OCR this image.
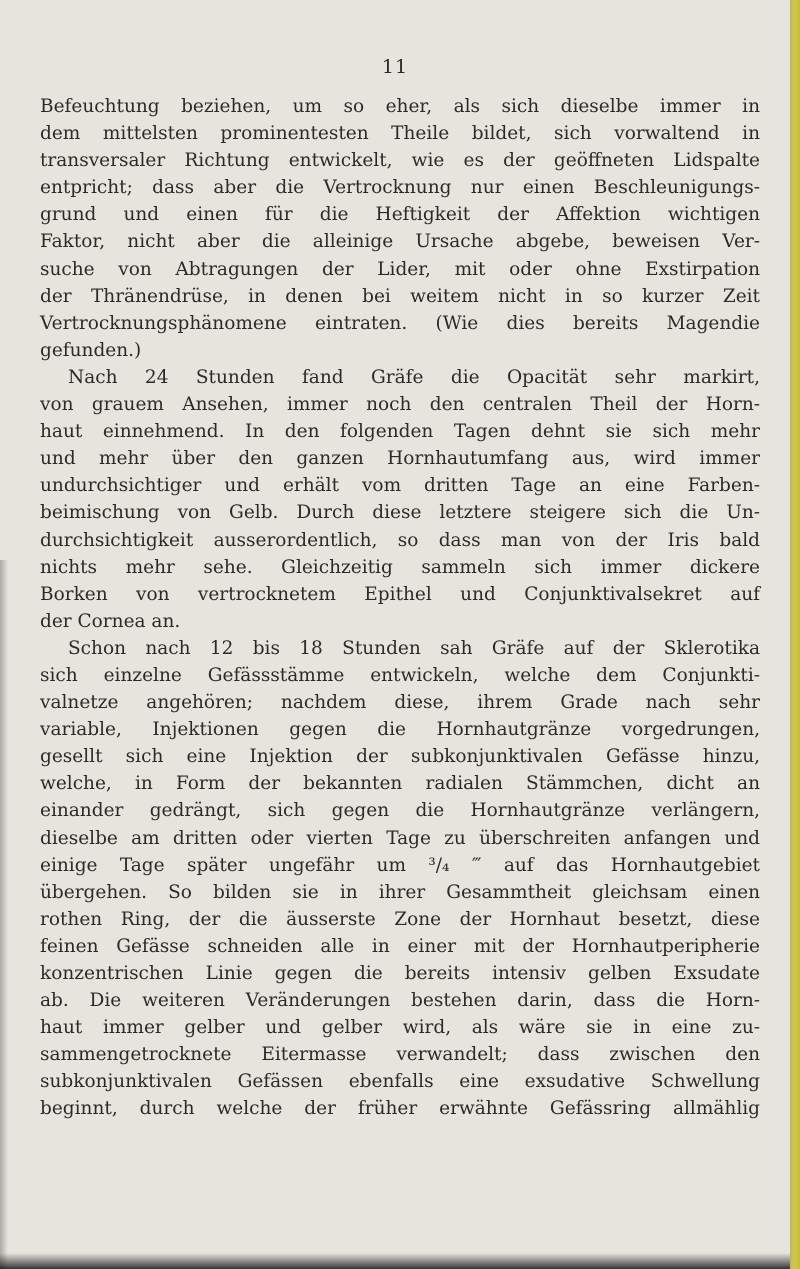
11
Befeuchtung beziehen, um so eher, als sich dieselbe immer in
dem mittelsten prominentesten Theile bildet, sich vorwaltend in
transversaler Richtung entwickelt, wie es der geöffneten Lidspalte
entpricht; dass aber die Vertrocknung nur einen Beschleunigungs-
grund und einen für die Heftigkeit der Affektion wichtigen
Faktor, nicht aber die alleinige Ursache abgebe, beweisen Ver-
suche von Abtragungen der Lider, mit oder ohne Exstirpation
der Thränendrüse, in denen bei weitem nicht in so kurzer Zeit
Vertrocknungsphänomene eintraten. (Wie dies bereits Magendie
gefunden.)
Nach 24 Stunden fand Gräfe die Opacität sehr markirt,
von grauem Ansehen, immer noch den centralen Theil der Horn-
haut einnehmend. In den folgenden Tagen dehnt sie sich mehr
und mehr über den ganzen Hornhautumfang aus, wird immer
undurchsichtiger und erhält vom dritten Tage an eine Farben-
beimischung von Gelb. Durch diese letztere steigere sich die Un-
durchsichtigkeit ausserordentlich, so dass man von der Iris bald
nichts mehr sehe. Gleichzeitig sammeln sich immer dickere
Borken von vertrocknetem Epithel und Conjunktivalsekret auf
der Cornea an.
Schon nach 12 bis 18 Stunden sah Gräfe auf der Sklerotika
sich einzelne Gefässstämme entwickeln, welche dem Conjunkti-
valnetze angehören; nachdem diese, ihrem Grade nach sehr
variable, Injektionen gegen die Hornhautgränze vorgedrungen,
gesellt sich eine Injektion der subkonjunktivalen Gefässe hinzu,
welche, in Form der bekannten radialen Stämmchen, dicht an
einander gedrängt, sich gegen die Hornhautgränze verlängern,
dieselbe am dritten oder vierten Tage zu überschreiten anfangen und
einige Tage später ungefähr um ³/₄ ‴ auf das Hornhautgebiet
übergehen. So bilden sie in ihrer Gesammtheit gleichsam einen
rothen Ring, der die äusserste Zone der Hornhaut besetzt, diese
feinen Gefässe schneiden alle in einer mit der Hornhautperipherie
konzentrischen Linie gegen die bereits intensiv gelben Exsudate
ab. Die weiteren Veränderungen bestehen darin, dass die Horn-
haut immer gelber und gelber wird, als wäre sie in eine zu-
sammengetrocknete Eitermasse verwandelt; dass zwischen den
subkonjunktivalen Gefässen ebenfalls eine exsudative Schwellung
beginnt, durch welche der früher erwähnte Gefässring allmählig
